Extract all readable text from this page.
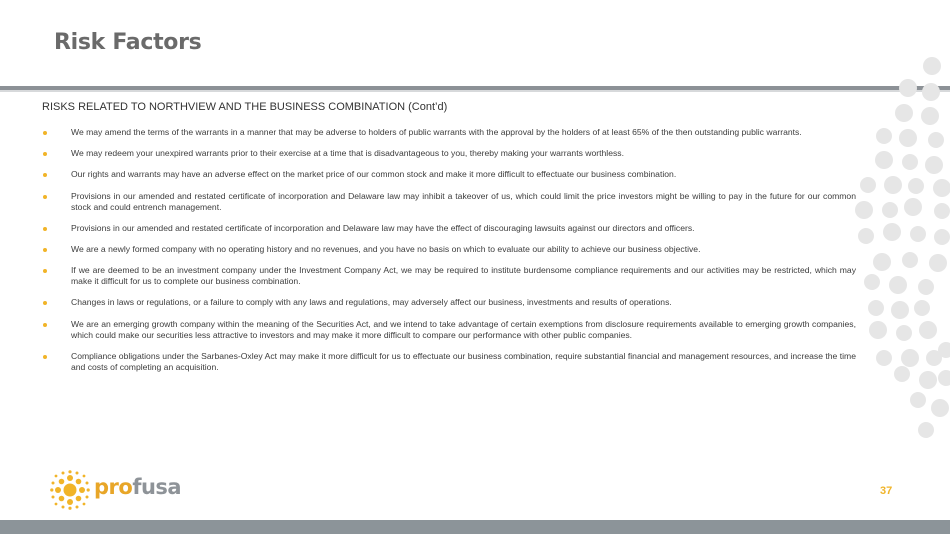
Risk Factors
RISKS RELATED TO NORTHVIEW AND THE BUSINESS COMBINATION (Cont’d)
We may amend the terms of the warrants in a manner that may be adverse to holders of public warrants with the approval by the holders of at least 65% of the then outstanding public warrants.
We may redeem your unexpired warrants prior to their exercise at a time that is disadvantageous to you, thereby making your warrants worthless.
Our rights and warrants may have an adverse effect on the market price of our common stock and make it more difficult to effectuate our business combination.
Provisions in our amended and restated certificate of incorporation and Delaware law may inhibit a takeover of us, which could limit the price investors might be willing to pay in the future for our common stock and could entrench management.
Provisions in our amended and restated certificate of incorporation and Delaware law may have the effect of discouraging lawsuits against our directors and officers.
We are a newly formed company with no operating history and no revenues, and you have no basis on which to evaluate our ability to achieve our business objective.
If we are deemed to be an investment company under the Investment Company Act, we may be required to institute burdensome compliance requirements and our activities may be restricted, which may make it difficult for us to complete our business combination.
Changes in laws or regulations, or a failure to comply with any laws and regulations, may adversely affect our business, investments and results of operations.
We are an emerging growth company within the meaning of the Securities Act, and we intend to take advantage of certain exemptions from disclosure requirements available to emerging growth companies, which could make our securities less attractive to investors and may make it more difficult to compare our performance with other public companies.
Compliance obligations under the Sarbanes-Oxley Act may make it more difficult for us to effectuate our business combination, require substantial financial and management resources, and increase the time and costs of completing an acquisition.
profusa	37
